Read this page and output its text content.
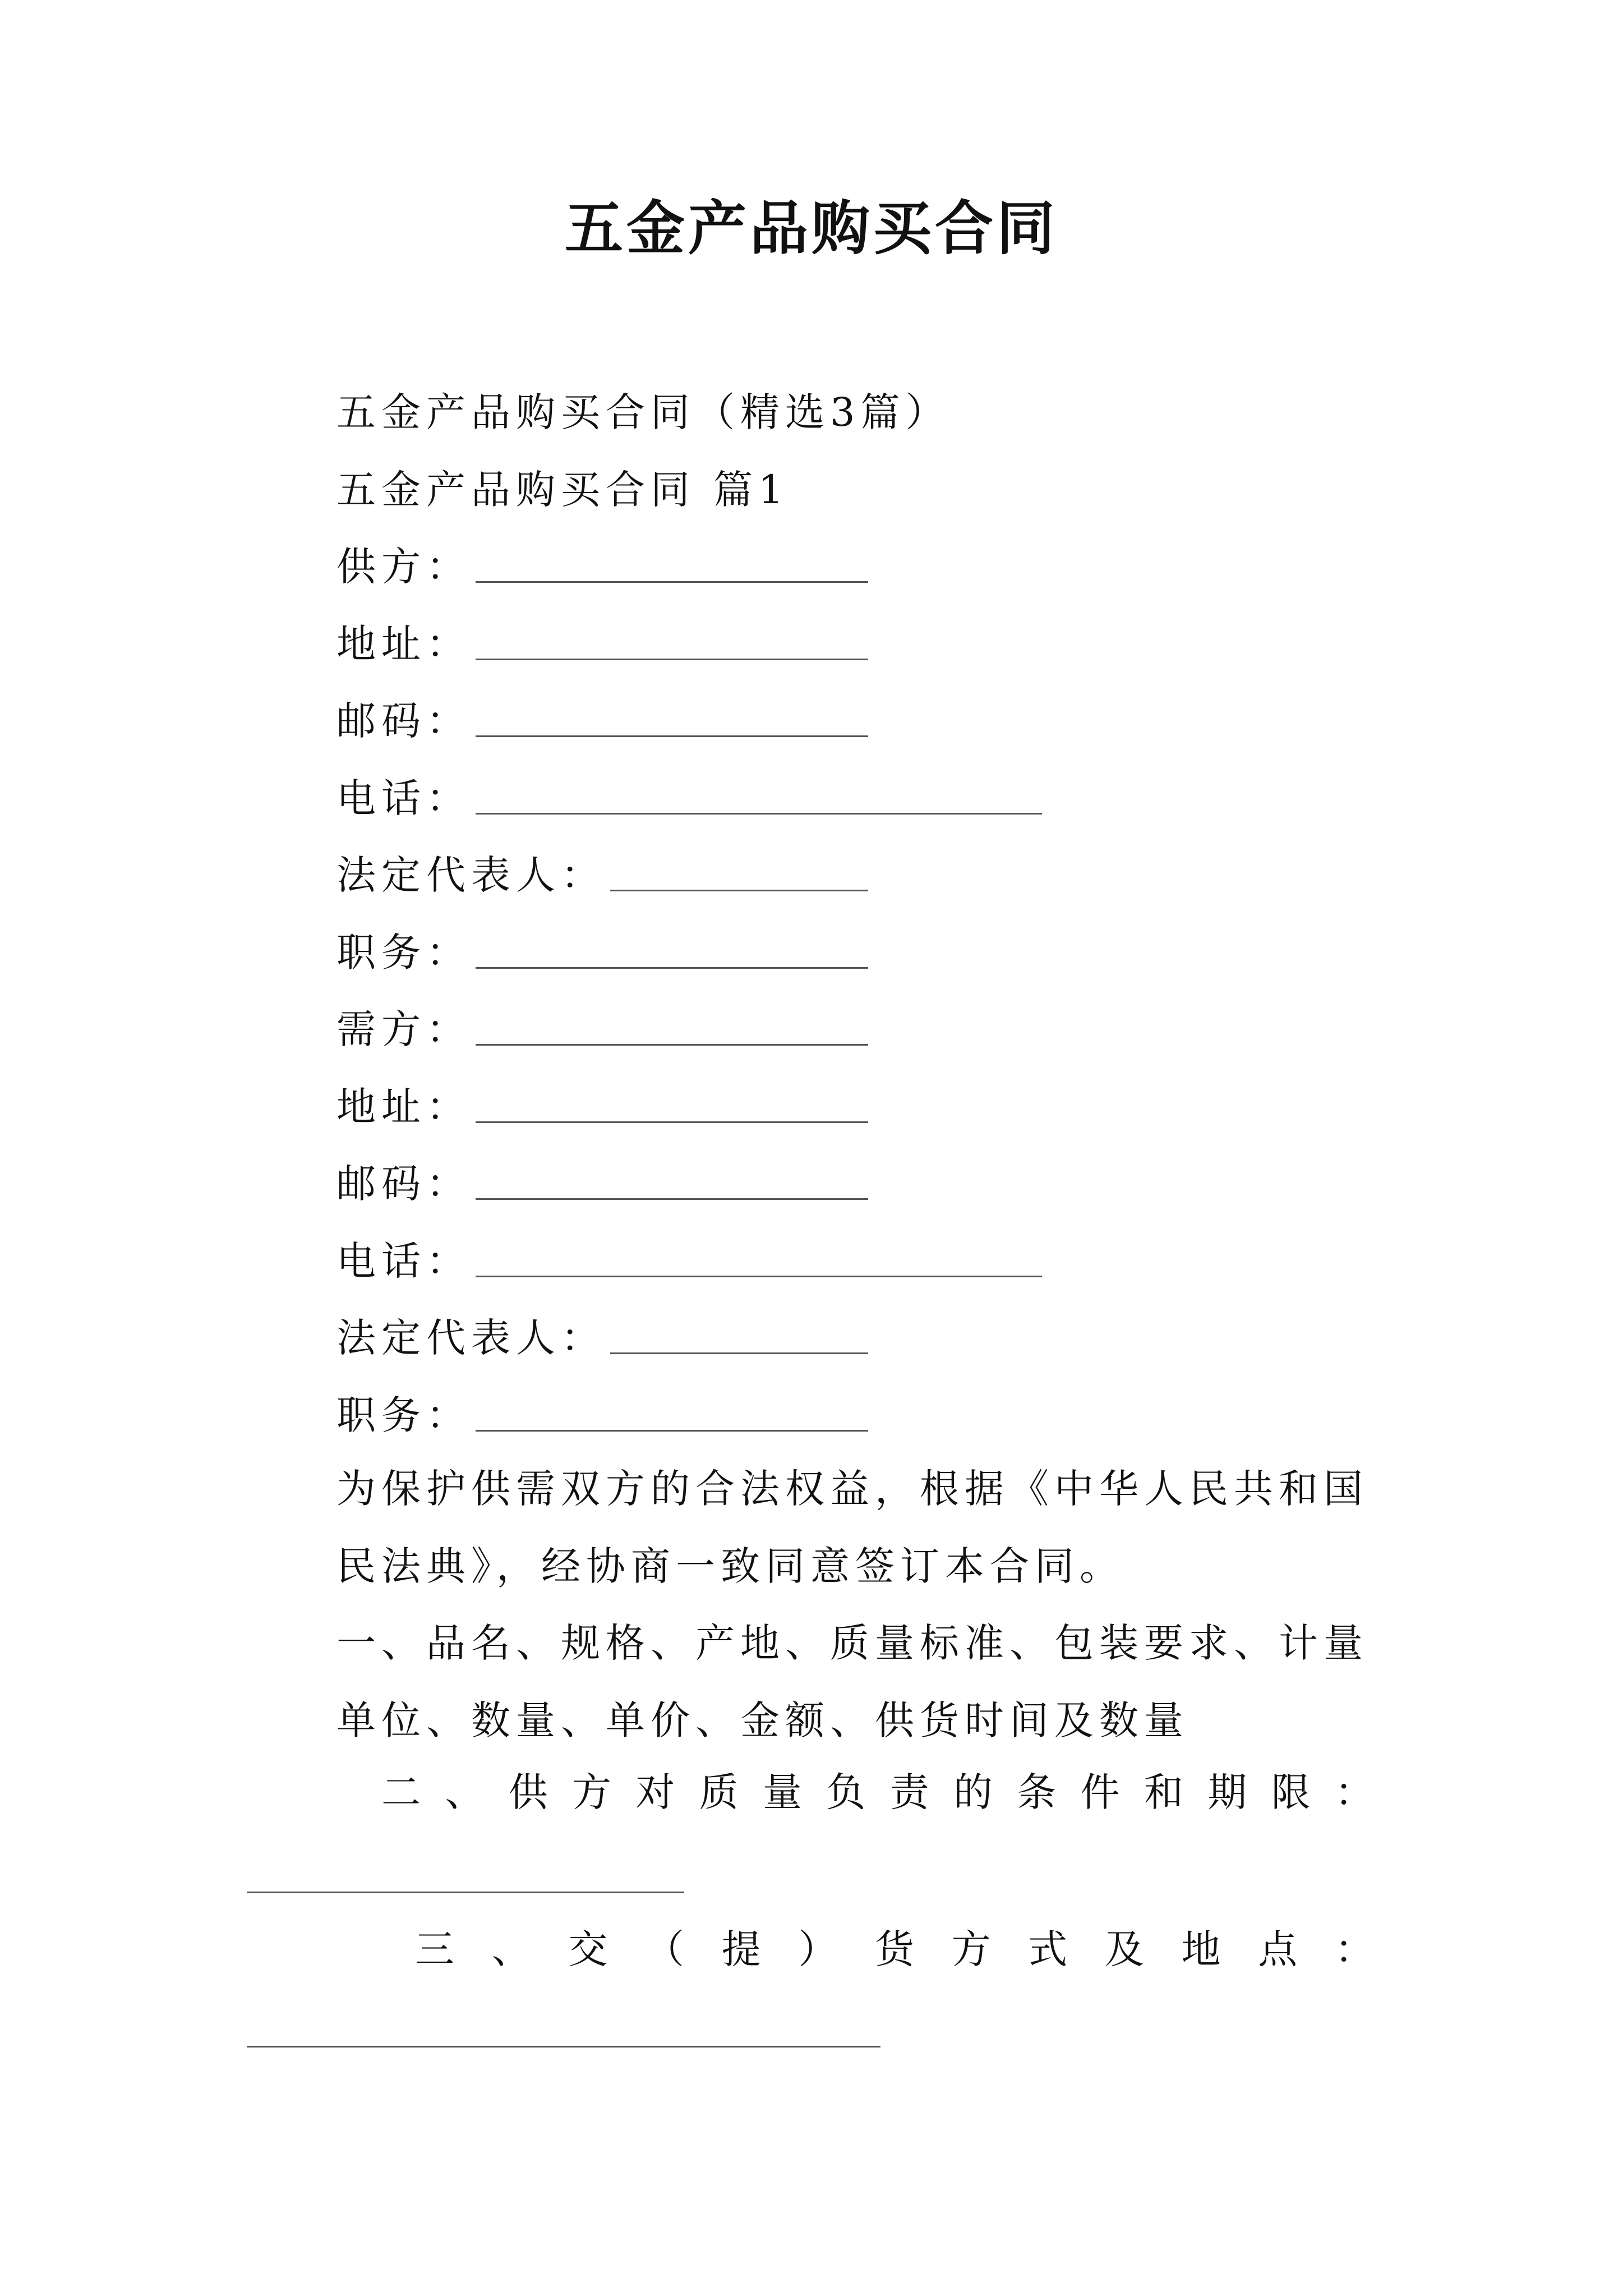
五金产品购买合同
五金产品购买合同（精选3篇）
五金产品购买合同 篇1
供方：
地址：
邮码：
电话：
法定代表人：
职务：
需方：
地址：
邮码：
电话：
法定代表人：
职务：
为保护供需双方的合法权益，根据《中华人民共和国民法典》，经协商一致同意签订本合同。
一、品名、规格、产地、质量标准、包装要求、计量单位、数量、单价、金额、供货时间及数量
二 、 供 方 对 质 量 负 责 的 条 件 和 期 限 ：
三 、 交 （ 提 ） 货 方 式 及 地 点 ：
